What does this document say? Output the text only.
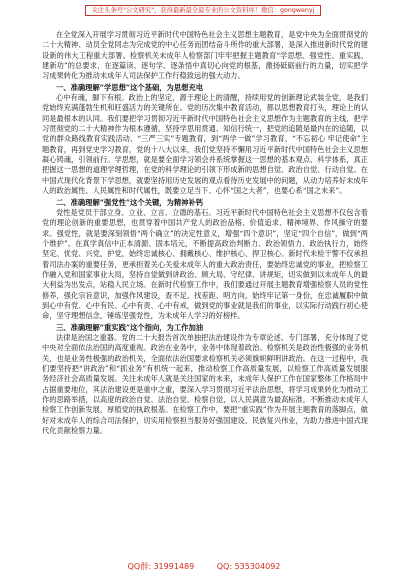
关注头条号"公文研究"，获得最新最全最专业的公文资料库！微信：gongwenyj

在全党深入开展学习贯彻习近平新时代中国特色社会主义思想主题教育，是党中央为全面贯彻党的二十大精神、动员全党同志为完成党的中心任务而团结奋斗所作的重大部署，是深入推进新时代党的建设新的伟大工程重大部署。检察机关未成年人检察部门牢牢把握主题教育“学思想、强党性、重实践、建新功”的总要求，在逐篇读、逐句学、逐条悟中真切心向党的根基，激扬砥砺前行的力量，切实把学习成果转化为推动未成年人司法保护工作行稳致远的强大动力。

一、准确理解“学思想”这个基础，为思想充电

心中有魂，脚下有根。政治上的坚定，源于理论上的清醒，持续用党的创新理论武装全党，是我们党始终充满蓬勃生机和旺盛活力的关键所在。党的历次集中教育活动，都以思想教育打头，理论上的认同是最根本的认同。我们要把学习贯彻习近平新时代中国特色社会主义思想作为主题教育的主线，把学习贯彻党的二十大精神作为根本遵循，坚持学思用贯通、知信行统一，把党的追随是最内在的追随，以党的群众路线教育实践活动、“三严三实”专题教育，到“两学一做”学习教育、“不忘初心 牢记使命”主题教育，再到党史学习教育，党的十八大以来，我们党坚持不懈用习近平新时代中国特色社会主义思想凝心铸魂，引领前行。学思想，就是要全面学习领会并系统掌握这一思想的基本观点、科学体系，真正把握这一思想的道理学理哲理，在党的科学理论的引领下形成新的思想自觉、政治自觉、行动自觉。在中国式现代化背景下学思想，就要坚持用历史发展的观点看待历史发展中的问题，从动力培养好未成年人的政治属性、人民属性和时代属性，既要立足当下、心怀“国之大者”，也要心系“国之未来”。

二、准确理解“强党性”这个关键，为精神补钙

党性是党员干部立身、立业、立言、立德的基石。习近平新时代中国特色社会主义思想不仅包含着党的理论创新的重要思想，也贯穿着中国共产党人的政治品格、价值追求、精神境界、作风操守的要求。强党性，就是要深刻领悟“两个确立”的决定性意义，增强“四个意识”，坚定“四个自信”，做到“两个维护”。在真学真信中正本清源、固本培元，不断提高政治判断力、政治领悟力、政治执行力，始终坚定、忧党、兴党，护党，始终忠诚核心、拥戴核心、维护核心、捍卫核心。新时代未检干警不仅承担着司法办案的重要任务，更承担着关心关爱未成年人的重大政治责任，要始终忠诚党的事业，把检察工作融入党和国家事业大局，坚持自觉做到讲政治、顾大局、守纪律、讲规矩，切实做到以未成年人的最大利益为出发点，站稳人民立场。在新时代检察工作中，我们要通过开展主题教育增强检察人员的党性修养，强化宗旨意识，加强作风建设，查不足、找差距、明方向，始终牢记第一身份，在忠诚履职中做到心中有党、心中有民、心中有责、心中有戒，做到党的事业就是我们的事业，以实际行动践行初心使命，坚守理想信念，锤炼坚强党性，为未成年人学习的好榜样。

三、准确理解“重实践”这个指向，为工作加油

法律是治国之重器。党的二十大报告首次单独把法治建设作为专章论述、专门部署，充分体现了党中央对全面依法治国的高度重视。政治在业务中，业务中体现着政治。检察机关是政治性极强的业务机关，也是业务性极强的政治机关，全面依法治国要求检察机关必须旗帜鲜明讲政治。在这一过程中，我们要坚持把“讲政治”和“抓业务”有机统一起来，推动检察工作高质量发展，以检察工作高质量发展服务经济社会高质量发展。关注未成年人就是关注国家的未来，未成年人保护工作在国家整体工作格局中占据重要地位，其法治建设更是重中之重，要深入学习贯彻习近平法治思想，将学习成果转化为推动工作的思路举措，以高度的政治自觉、法治自觉、检察自觉，以人民满意为最高标准，不断推动未成年人检察工作创新发展，厚植党的执政根基。在检察工作中，要把“重实践”作为开展主题教育的落脚点，做好对未成年人的综合司法保护，切实用检察担当服务好强国建设、民族复兴伟业，为助力推进中国式现代化贡献检察力量。

QQ群: 31991489	QQ: 535304092
